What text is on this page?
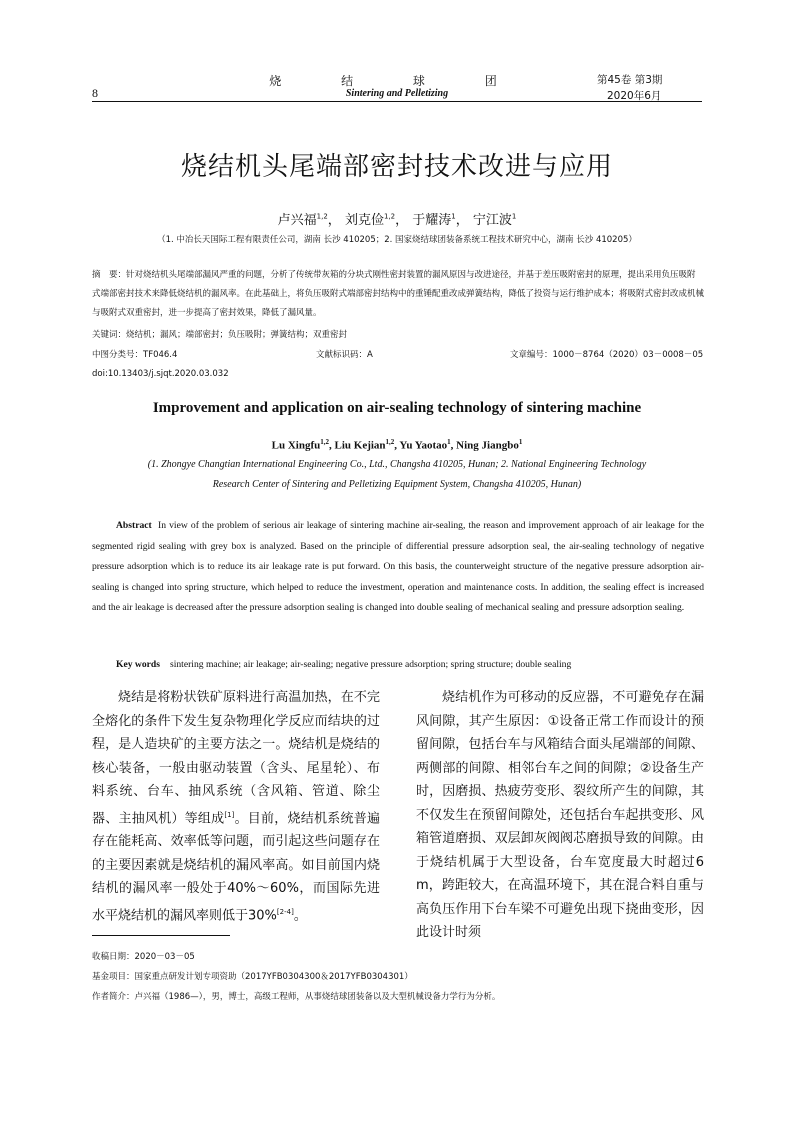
烧 结 球 团
Sintering and Pelletizing
8
第45卷 第3期
2020年6月
烧结机头尾端部密封技术改进与应用
卢兴福$^{1,2}$， 刘克俭$^{1,2}$， 于耀涛$^1$， 宁江波$^1$
（1. 中冶长天国际工程有限责任公司，湖南 长沙 410205；2. 国家烧结球团装备系统工程技术研究中心，湖南 长沙 410205）
摘　要：针对烧结机头尾端部漏风严重的问题，分析了传统带灰箱的分块式刚性密封装置的漏风原因与改进途径，并基于差压吸附密封的原理，提出采用负压吸附式端部密封技术来降低烧结机的漏风率。在此基础上，将负压吸附式端部密封结构中的重锤配重改成弹簧结构，降低了投资与运行维护成本；将吸附式密封改成机械与吸附式双重密封，进一步提高了密封效果，降低了漏风量。
关键词：烧结机；漏风；端部密封；负压吸附；弹簧结构；双重密封
中图分类号：TF046.4	文献标识码：A	文章编号：1000－8764（2020）03－0008－05
doi:10.13403/j.sjqt.2020.03.032
Improvement and application on air-sealing technology of sintering machine
Lu Xingfu$^{1,2}$, Liu Kejian$^{1,2}$, Yu Yaotao$^1$, Ning Jiangbo$^1$
(1. Zhongye Changtian International Engineering Co., Ltd., Changsha 410205, Hunan; 2. National Engineering Technology
Research Center of Sintering and Pelletizing Equipment System, Changsha 410205, Hunan)
Abstract In view of the problem of serious air leakage of sintering machine air-sealing, the reason and improvement approach of air leakage for the segmented rigid sealing with grey box is analyzed. Based on the principle of differential pressure adsorption seal, the air-sealing technology of negative pressure adsorption which is to reduce its air leakage rate is put forward. On this basis, the counterweight structure of the negative pressure adsorption air-sealing is changed into spring structure, which helped to reduce the investment, operation and maintenance costs. In addition, the sealing effect is increased and the air leakage is decreased after the pressure adsorption sealing is changed into double sealing of mechanical sealing and pressure adsorption sealing.
Key words sintering machine; air leakage; air-sealing; negative pressure adsorption; spring structure; double sealing
烧结是将粉状铁矿原料进行高温加热，在不完全熔化的条件下发生复杂物理化学反应而结块的过程，是人造块矿的主要方法之一。烧结机是烧结的核心装备，一般由驱动装置（含头、尾星轮）、布料系统、台车、抽风系统（含风箱、管道、除尘器、主抽风机）等组成[1]。目前，烧结机系统普遍存在能耗高、效率低等问题，而引起这些问题存在的主要因素就是烧结机的漏风率高。如目前国内烧结机的漏风率一般处于40%～60%，而国际先进水平烧结机的漏风率则低于30%[2-4]。
烧结机作为可移动的反应器，不可避免存在漏风间隙，其产生原因：①设备正常工作而设计的预留间隙，包括台车与风箱结合面头尾端部的间隙、两侧部的间隙、相邻台车之间的间隙；②设备生产时，因磨损、热疲劳变形、裂纹所产生的间隙，其不仅发生在预留间隙处，还包括台车起拱变形、风箱管道磨损、双层卸灰阀阀芯磨损导致的间隙。由于烧结机属于大型设备，台车宽度最大时超过6 m，跨距较大，在高温环境下，其在混合料自重与高负压作用下台车梁不可避免出现下挠曲变形，因此设计时须
收稿日期：2020－03－05
基金项目：国家重点研发计划专项资助（2017YFB0304300＆2017YFB0304301）
作者简介：卢兴福（1986—），男，博士，高级工程师，从事烧结球团装备以及大型机械设备力学行为分析。
